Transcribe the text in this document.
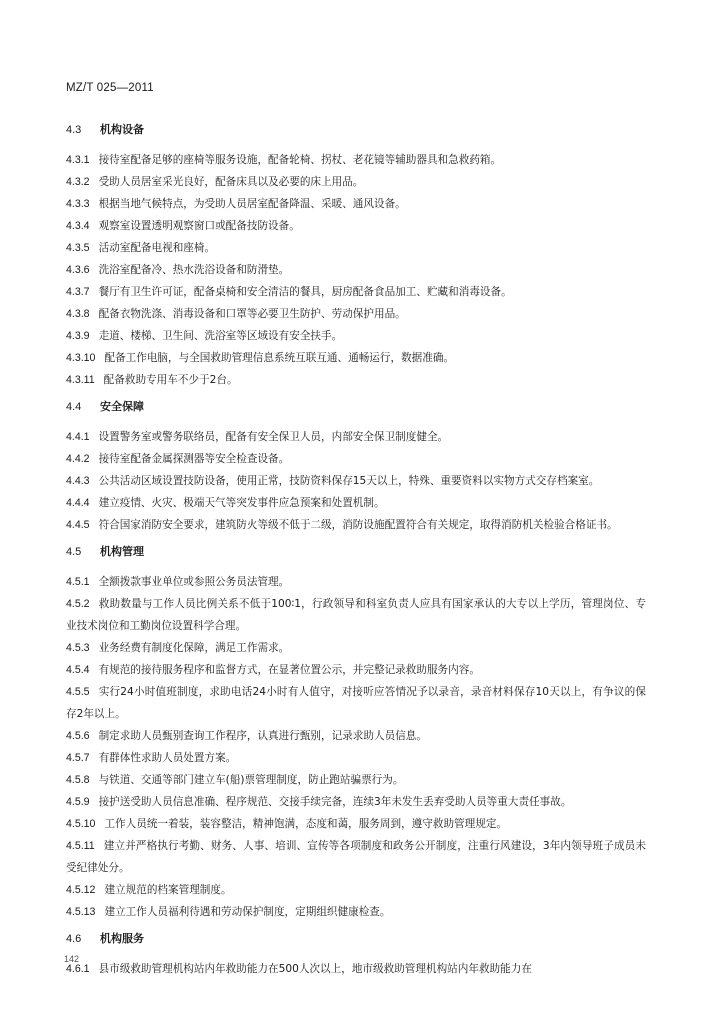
MZ/T 025—2011
4.3 机构设备

4.3.1 接待室配备足够的座椅等服务设施，配备轮椅、拐杖、老花镜等辅助器具和急救药箱。

4.3.2 受助人员居室采光良好，配备床具以及必要的床上用品。

4.3.3 根据当地气候特点，为受助人员居室配备降温、采暖、通风设备。

4.3.4 观察室设置透明观察窗口或配备技防设备。

4.3.5 活动室配备电视和座椅。

4.3.6 洗浴室配备冷、热水洗浴设备和防滑垫。

4.3.7 餐厅有卫生许可证，配备桌椅和安全清洁的餐具，厨房配备食品加工、贮藏和消毒设备。

4.3.8 配备衣物洗涤、消毒设备和口罩等必要卫生防护、劳动保护用品。

4.3.9 走道、楼梯、卫生间、洗浴室等区域设有安全扶手。

4.3.10 配备工作电脑，与全国救助管理信息系统互联互通、通畅运行，数据准确。

4.3.11 配备救助专用车不少于2台。

4.4 安全保障

4.4.1 设置警务室或警务联络员，配备有安全保卫人员，内部安全保卫制度健全。

4.4.2 接待室配备金属探测器等安全检查设备。

4.4.3 公共活动区域设置技防设备，使用正常，技防资料保存15天以上，特殊、重要资料以实物方式交存档案室。

4.4.4 建立疫情、火灾、极端天气等突发事件应急预案和处置机制。

4.4.5 符合国家消防安全要求，建筑防火等级不低于二级，消防设施配置符合有关规定，取得消防机关检验合格证书。

4.5 机构管理

4.5.1 全额拨款事业单位或参照公务员法管理。

4.5.2 救助数量与工作人员比例关系不低于100∶1，行政领导和科室负责人应具有国家承认的大专以上学历，管理岗位、专业技术岗位和工勤岗位设置科学合理。

4.5.3 业务经费有制度化保障，满足工作需求。

4.5.4 有规范的接待服务程序和监督方式，在显著位置公示，并完整记录救助服务内容。

4.5.5 实行24小时值班制度，求助电话24小时有人值守，对接听应答情况予以录音，录音材料保存10天以上，有争议的保存2年以上。

4.5.6 制定求助人员甄别查询工作程序，认真进行甄别，记录求助人员信息。

4.5.7 有群体性求助人员处置方案。

4.5.8 与铁道、交通等部门建立车(船)票管理制度，防止跑站骗票行为。

4.5.9 接护送受助人员信息准确、程序规范、交接手续完备，连续3年未发生丢弃受助人员等重大责任事故。

4.5.10 工作人员统一着装，装容整洁，精神饱满，态度和蔼，服务周到，遵守救助管理规定。

4.5.11 建立并严格执行考勤、财务、人事、培训、宣传等各项制度和政务公开制度，注重行风建设，3年内领导班子成员未受纪律处分。

4.5.12 建立规范的档案管理制度。

4.5.13 建立工作人员福利待遇和劳动保护制度，定期组织健康检查。

4.6 机构服务

4.6.1 县市级救助管理机构站内年救助能力在500人次以上，地市级救助管理机构站内年救助能力在

142
